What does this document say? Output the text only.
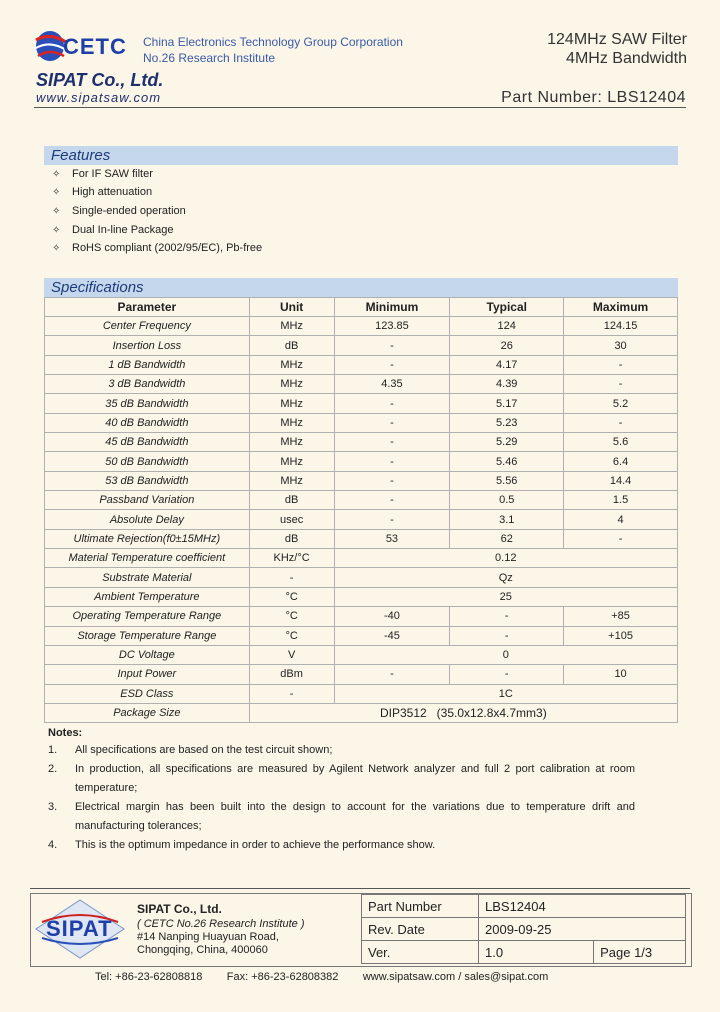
CETC China Electronics Technology Group Corporation
No.26 Research Institute
124MHz SAW Filter
4MHz Bandwidth
SIPAT Co., Ltd.
www.sipatsaw.com	Part Number: LBS12404
Features
✧ For IF SAW filter
✧ High attenuation
✧ Single-ended operation
✧ Dual In-line Package
✧ RoHS compliant (2002/95/EC), Pb-free
Specifications
Parameter	Unit	Minimum	Typical	Maximum
Center Frequency	MHz	123.85	124	124.15
Insertion Loss	dB	-	26	30
1 dB Bandwidth	MHz	-	4.17	-
3 dB Bandwidth	MHz	4.35	4.39	-
35 dB Bandwidth	MHz	-	5.17	5.2
40 dB Bandwidth	MHz	-	5.23	-
45 dB Bandwidth	MHz	-	5.29	5.6
50 dB Bandwidth	MHz	-	5.46	6.4
53 dB Bandwidth	MHz	-	5.56	14.4
Passband Variation	dB	-	0.5	1.5
Absolute Delay	usec	-	3.1	4
Ultimate Rejection(f0±15MHz)	dB	53	62	-
Material Temperature coefficient	KHz/°C	0.12		
Substrate Material	-	Qz		
Ambient Temperature	°C	25		
Operating Temperature Range	°C	-40	-	+85
Storage Temperature Range	°C	-45	-	+105
DC Voltage	V	0		
Input Power	dBm	-	-	10
ESD Class	-	1C		
Package Size	DIP3512   (35.0x12.8x4.7mm3)			
Notes:
1. All specifications are based on the test circuit shown;
2. In production, all specifications are measured by Agilent Network analyzer and full 2 port calibration at room temperature;
3. Electrical margin has been built into the design to account for the variations due to temperature drift and manufacturing tolerances;
4. This is the optimum impedance in order to achieve the performance show.
SIPAT
SIPAT Co., Ltd.
( CETC No.26 Research Institute )
#14 Nanping Huayuan Road,
Chongqing, China, 400060
Part Number	LBS12404	
Rev. Date	2009-09-25	
Ver.	1.0	Page 1/3
Tel: +86-23-62808818        Fax: +86-23-62808382        www.sipatsaw.com / sales@sipat.com
